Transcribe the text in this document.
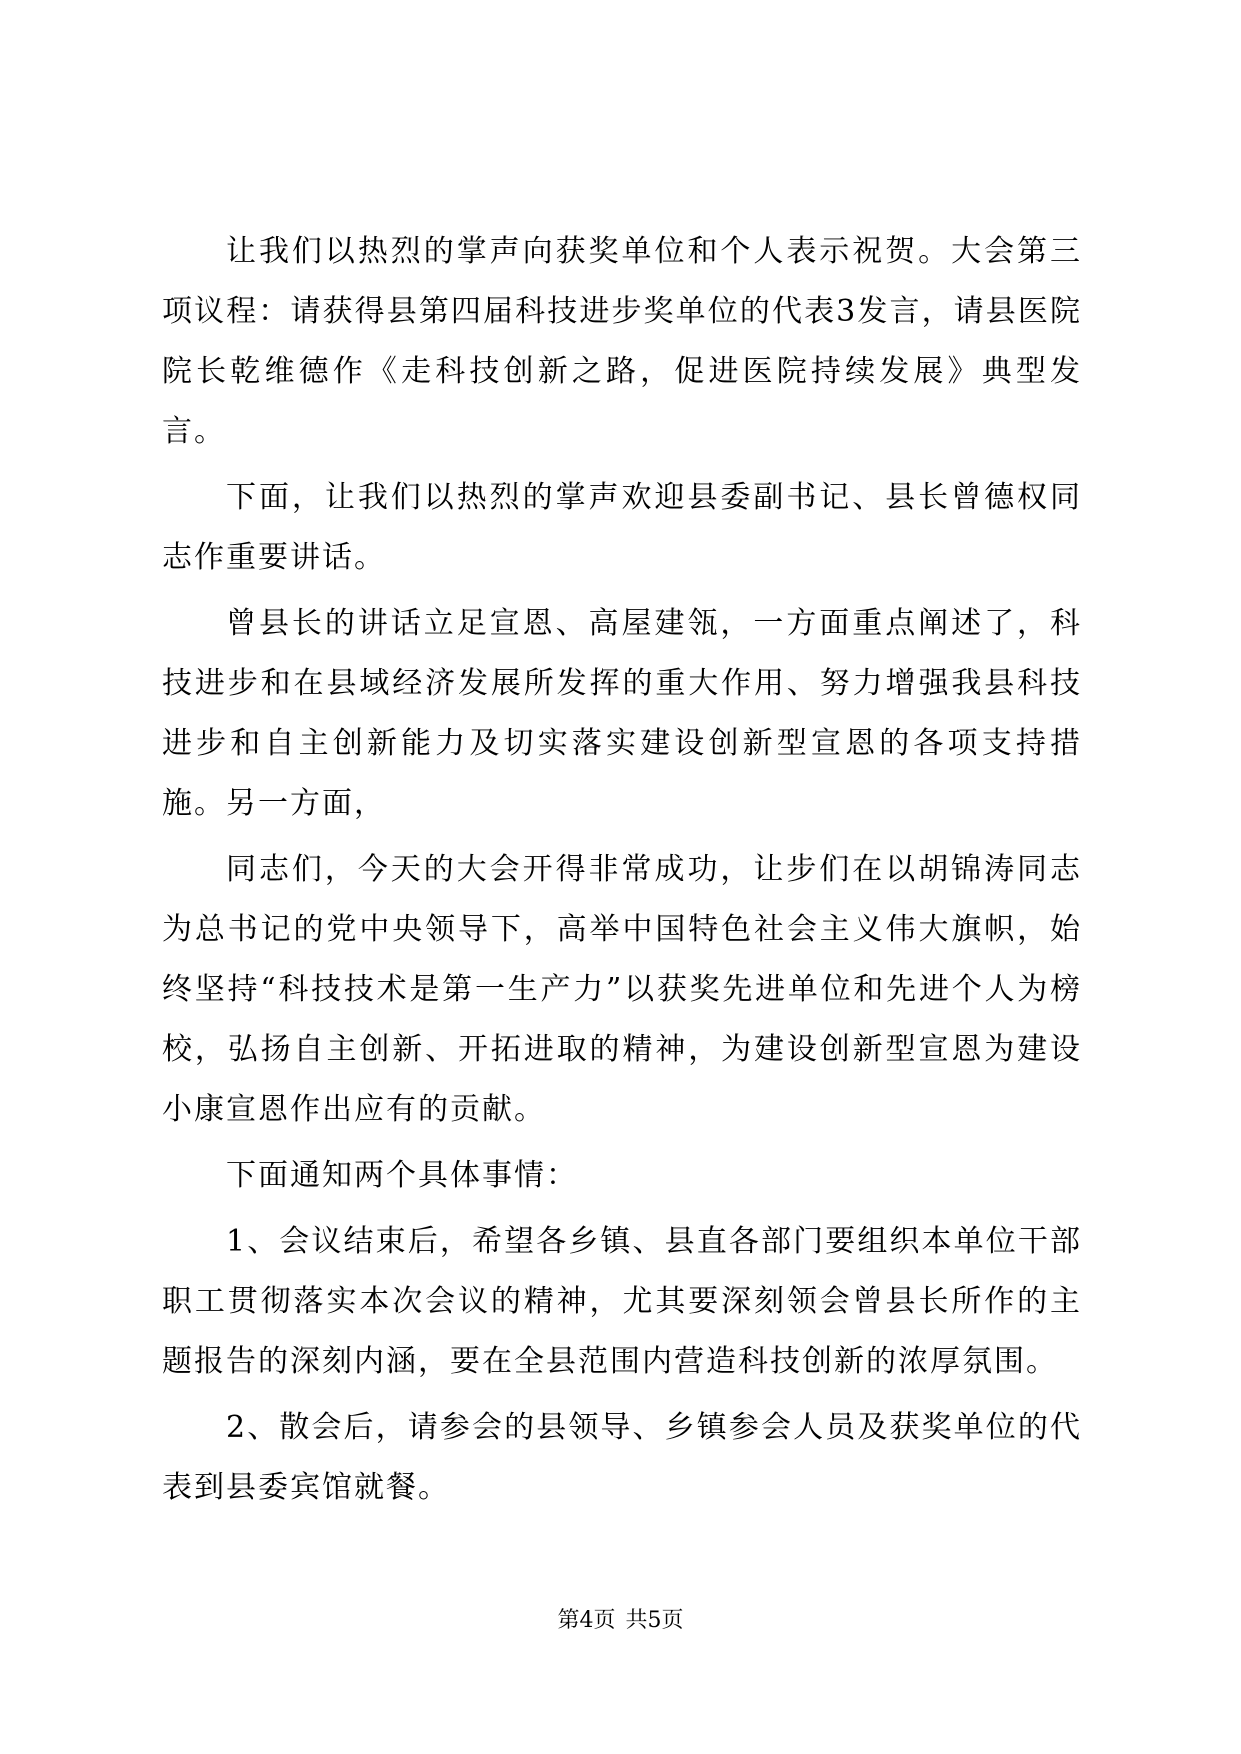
让我们以热烈的掌声向获奖单位和个人表示祝贺。大会第三项议程：请获得县第四届科技进步奖单位的代表3发言，请县医院院长乾维德作《走科技创新之路，促进医院持续发展》典型发言。

下面，让我们以热烈的掌声欢迎县委副书记、县长曾德权同志作重要讲话。

曾县长的讲话立足宣恩、高屋建瓴，一方面重点阐述了，科技进步和在县域经济发展所发挥的重大作用、努力增强我县科技进步和自主创新能力及切实落实建设创新型宣恩的各项支持措施。另一方面，

同志们，今天的大会开得非常成功，让步们在以胡锦涛同志为总书记的党中央领导下，高举中国特色社会主义伟大旗帜，始终坚持“科技技术是第一生产力”以获奖先进单位和先进个人为榜校，弘扬自主创新、开拓进取的精神，为建设创新型宣恩为建设小康宣恩作出应有的贡献。

下面通知两个具体事情：

1、会议结束后，希望各乡镇、县直各部门要组织本单位干部职工贯彻落实本次会议的精神，尤其要深刻领会曾县长所作的主题报告的深刻内涵，要在全县范围内营造科技创新的浓厚氛围。

2、散会后，请参会的县领导、乡镇参会人员及获奖单位的代表到县委宾馆就餐。

第4页 共5页
